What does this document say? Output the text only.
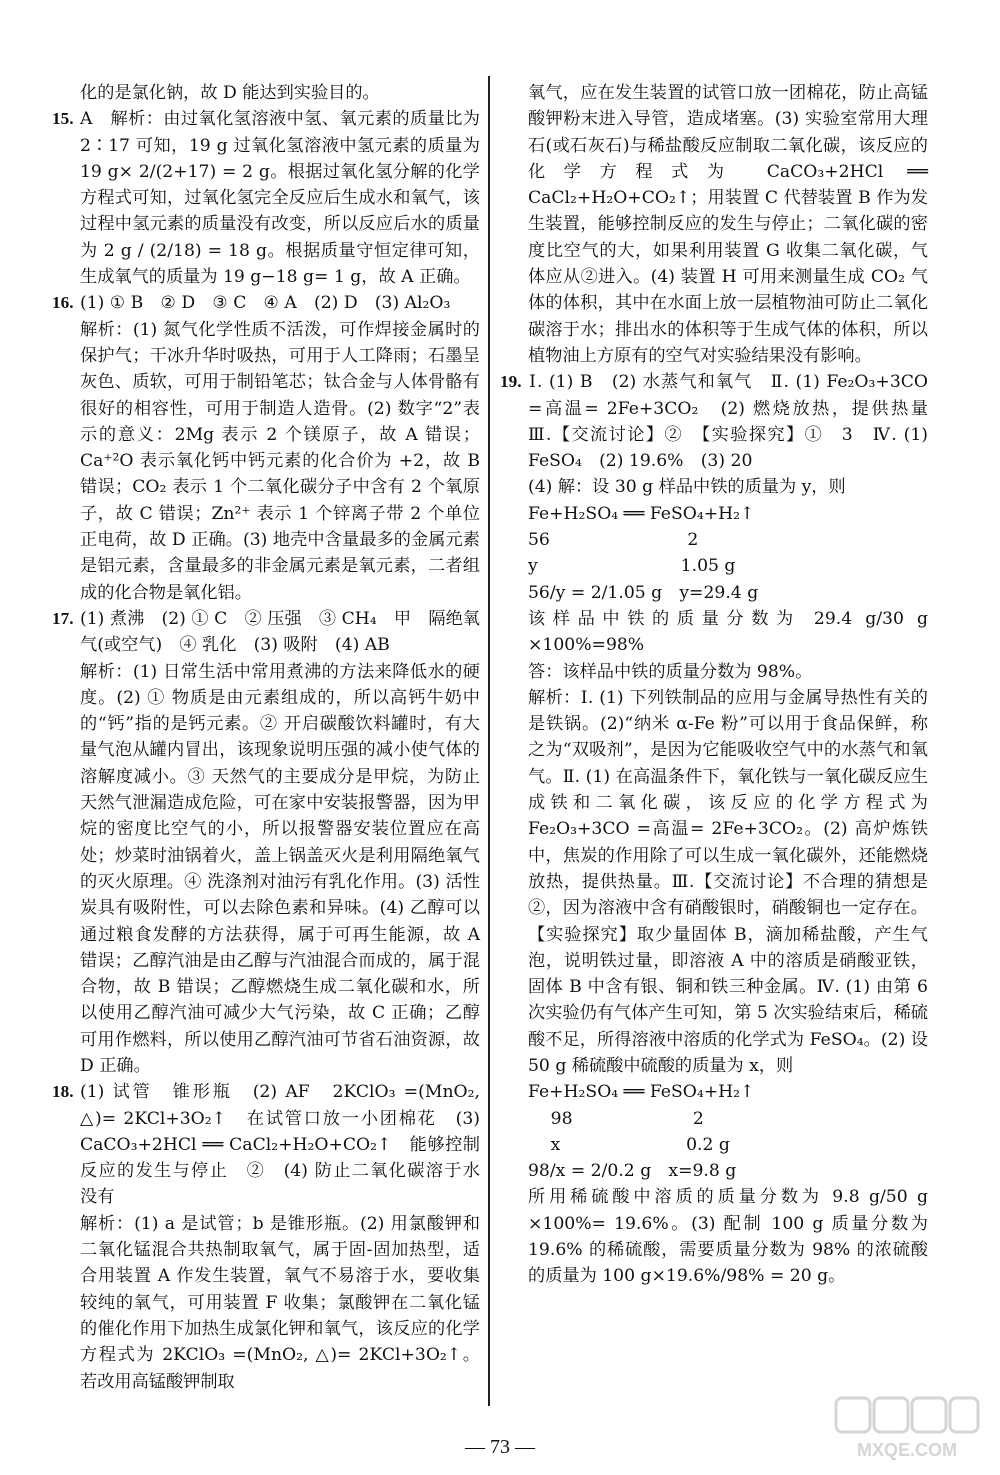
化的是氯化钠，故 D 能达到实验目的。

15. A　解析：由过氧化氢溶液中氢、氧元素的质量比为 2∶17 可知，19 g 过氧化氢溶液中氢元素的质量为 19 g× 2/(2+17) = 2 g。根据过氧化氢分解的化学方程式可知，过氧化氢完全反应后生成水和氧气，该过程中氢元素的质量没有改变，所以反应后水的质量为 2 g / (2/18) = 18 g。根据质量守恒定律可知，生成氧气的质量为 19 g−18 g= 1 g，故 A 正确。

16. (1) ① B　② D　③ C　④ A　(2) D　(3) Al₂O₃

解析：(1) 氮气化学性质不活泼，可作焊接金属时的保护气；干冰升华时吸热，可用于人工降雨；石墨呈灰色、质软，可用于制铅笔芯；钛合金与人体骨骼有很好的相容性，可用于制造人造骨。(2) 数字“2”表示的意义：2Mg 表示 2 个镁原子，故 A 错误；Ca⁺²O 表示氧化钙中钙元素的化合价为 +2，故 B 错误；CO₂ 表示 1 个二氧化碳分子中含有 2 个氧原子，故 C 错误；Zn²⁺ 表示 1 个锌离子带 2 个单位正电荷，故 D 正确。(3) 地壳中含量最多的金属元素是铝元素，含量最多的非金属元素是氧元素，二者组成的化合物是氧化铝。

17. (1) 煮沸　(2) ① C　② 压强　③ CH₄　甲　隔绝氧气(或空气)　④ 乳化　(3) 吸附　(4) AB

解析：(1) 日常生活中常用煮沸的方法来降低水的硬度。(2) ① 物质是由元素组成的，所以高钙牛奶中的“钙”指的是钙元素。② 开启碳酸饮料罐时，有大量气泡从罐内冒出，该现象说明压强的减小使气体的溶解度减小。③ 天然气的主要成分是甲烷，为防止天然气泄漏造成危险，可在家中安装报警器，因为甲烷的密度比空气的小，所以报警器安装位置应在高处；炒菜时油锅着火，盖上锅盖灭火是利用隔绝氧气的灭火原理。④ 洗涤剂对油污有乳化作用。(3) 活性炭具有吸附性，可以去除色素和异味。(4) 乙醇可以通过粮食发酵的方法获得，属于可再生能源，故 A 错误；乙醇汽油是由乙醇与汽油混合而成的，属于混合物，故 B 错误；乙醇燃烧生成二氧化碳和水，所以使用乙醇汽油可减少大气污染，故 C 正确；乙醇可用作燃料，所以使用乙醇汽油可节省石油资源，故 D 正确。

18. (1) 试管　锥形瓶　(2) AF　2KClO₃ =(MnO₂, △)= 2KCl+3O₂↑　在试管口放一小团棉花　(3) CaCO₃+2HCl ══ CaCl₂+H₂O+CO₂↑　能够控制反应的发生与停止　②　(4) 防止二氧化碳溶于水　没有

解析：(1) a 是试管；b 是锥形瓶。(2) 用氯酸钾和二氧化锰混合共热制取氧气，属于固-固加热型，适合用装置 A 作发生装置，氧气不易溶于水，要收集较纯的氧气，可用装置 F 收集；氯酸钾在二氧化锰的催化作用下加热生成氯化钾和氧气，该反应的化学方程式为 2KClO₃ =(MnO₂, △)= 2KCl+3O₂↑。若改用高锰酸钾制取

氧气，应在发生装置的试管口放一团棉花，防止高锰酸钾粉末进入导管，造成堵塞。(3) 实验室常用大理石(或石灰石)与稀盐酸反应制取二氧化碳，该反应的化学方程式为 CaCO₃+2HCl ══ CaCl₂+H₂O+CO₂↑；用装置 C 代替装置 B 作为发生装置，能够控制反应的发生与停止；二氧化碳的密度比空气的大，如果利用装置 G 收集二氧化碳，气体应从②进入。(4) 装置 H 可用来测量生成 CO₂ 气体的体积，其中在水面上放一层植物油可防止二氧化碳溶于水；排出水的体积等于生成气体的体积，所以植物油上方原有的空气对实验结果没有影响。

19. Ⅰ. (1) B　(2) 水蒸气和氧气　Ⅱ. (1) Fe₂O₃+3CO =高温= 2Fe+3CO₂　(2) 燃烧放热，提供热量　Ⅲ.【交流讨论】②　【实验探究】①　3　Ⅳ. (1) FeSO₄　(2) 19.6%　(3) 20

(4) 解：设 30 g 样品中铁的质量为 y，则

Fe+H₂SO₄ ══ FeSO₄+H₂↑

56　　　　　　　　2

y　　　　　　　　 1.05 g

56/y = 2/1.05 g　y=29.4 g

该样品中铁的质量分数为 29.4 g/30 g ×100%=98%

答：该样品中铁的质量分数为 98%。

解析：Ⅰ. (1) 下列铁制品的应用与金属导热性有关的是铁锅。(2)“纳米 α-Fe 粉”可以用于食品保鲜，称之为“双吸剂”，是因为它能吸收空气中的水蒸气和氧气。Ⅱ. (1) 在高温条件下，氧化铁与一氧化碳反应生成铁和二氧化碳，该反应的化学方程式为 Fe₂O₃+3CO =高温= 2Fe+3CO₂。(2) 高炉炼铁中，焦炭的作用除了可以生成一氧化碳外，还能燃烧放热，提供热量。Ⅲ.【交流讨论】不合理的猜想是②，因为溶液中含有硝酸银时，硝酸铜也一定存在。【实验探究】取少量固体 B，滴加稀盐酸，产生气泡，说明铁过量，即溶液 A 中的溶质是硝酸亚铁，固体 B 中含有银、铜和铁三种金属。Ⅳ. (1) 由第 6 次实验仍有气体产生可知，第 5 次实验结束后，稀硫酸不足，所得溶液中溶质的化学式为 FeSO₄。(2) 设 50 g 稀硫酸中硫酸的质量为 x，则

Fe+H₂SO₄ ══ FeSO₄+H₂↑

　 98　　　　　　　2

　 x　　　　　　　 0.2 g

98/x = 2/0.2 g　x=9.8 g

所用稀硫酸中溶质的质量分数为 9.8 g/50 g ×100%= 19.6%。(3) 配制 100 g 质量分数为 19.6% 的稀硫酸，需要质量分数为 98% 的浓硫酸的质量为 100 g×19.6%/98% = 20 g。

— 73 —	MXQE.COM
